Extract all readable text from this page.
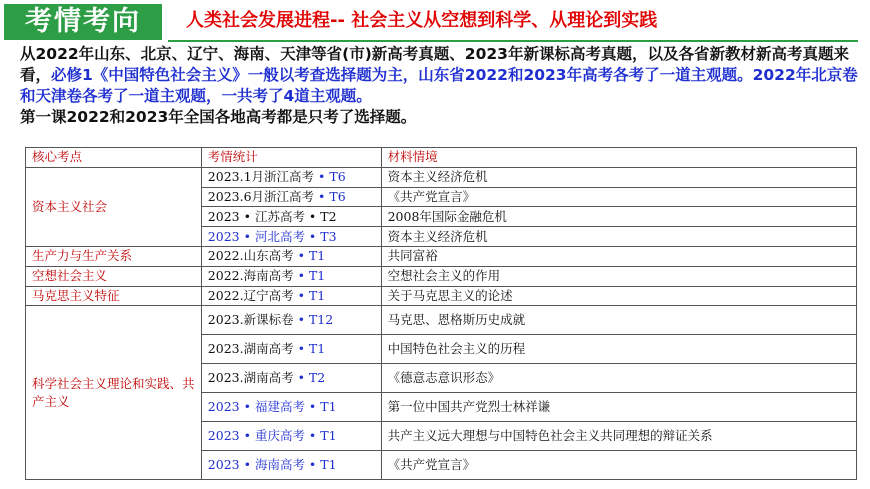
考情考向	人类社会发展进程-- 社会主义从空想到科学、从理论到实践
从2022年山东、北京、辽宁、海南、天津等省(市)新高考真题、2023年新课标高考真题，以及各省新教材新高考真题来看，必修1《中国特色社会主义》一般以考查选择题为主，山东省2022和2023年高考各考了一道主观题。2022年北京卷和天津卷各考了一道主观题，一共考了4道主观题。
第一课2022和2023年全国各地高考都是只考了选择题。
核心考点	考情统计	材料情境
资本主义社会	2023.1月浙江高考 • T6	资本主义经济危机
	2023.6月浙江高考 • T6	《共产党宣言》
	2023 • 江苏高考 • T2	2008年国际金融危机
	2023 • 河北高考 • T3	资本主义经济危机
生产力与生产关系	2022.山东高考 • T1	共同富裕
空想社会主义	2022.海南高考 • T1	空想社会主义的作用
马克思主义特征	2022.辽宁高考 • T1	关于马克思主义的论述
科学社会主义理论和实践、共产主义	2023.新课标卷 • T12	马克思、恩格斯历史成就
	2023.湖南高考 • T1	中国特色社会主义的历程
	2023.湖南高考 • T2	《德意志意识形态》
	2023 • 福建高考 • T1	第一位中国共产党烈士林祥谦
	2023 • 重庆高考 • T1	共产主义远大理想与中国特色社会主义共同理想的辩证关系
	2023 • 海南高考 • T1	《共产党宣言》
